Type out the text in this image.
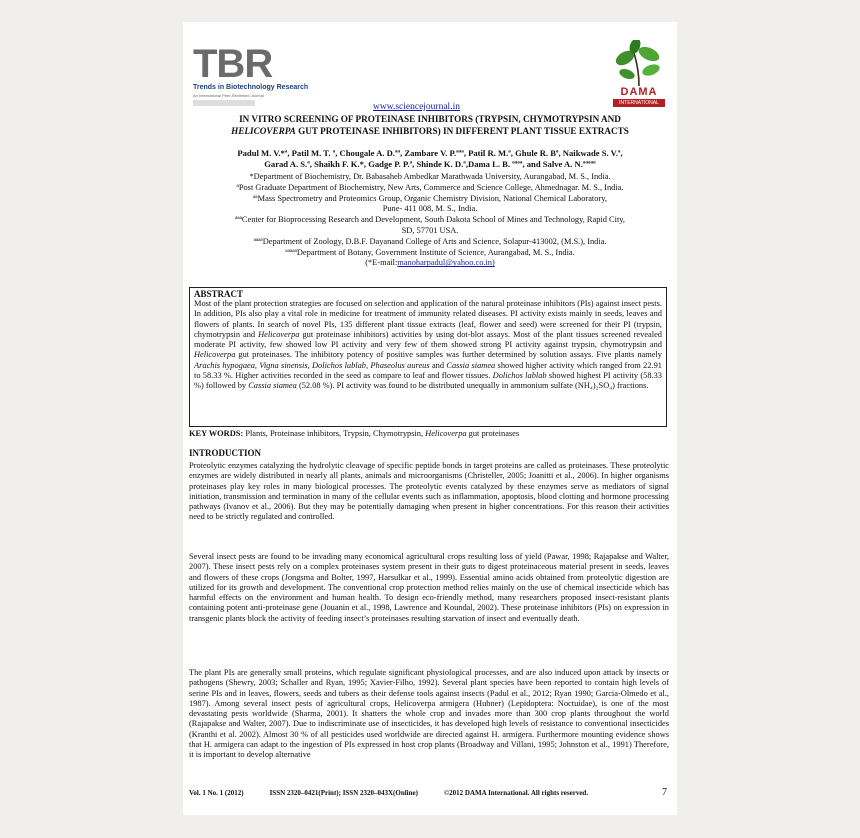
TBR
Trends in Biotechnology Research
An International Peer-Reviewed Journal	DAMA
INTERNATIONAL
www.sciencejournal.in
IN VITRO SCREENING OF PROTEINASE INHIBITORS (TRYPSIN, CHYMOTRYPSIN AND
HELICOVERPA GUT PROTEINASE INHIBITORS) IN DIFFERENT PLANT TISSUE EXTRACTS
Padul M. V.*ª, Patil M. T. ª, Chougale A. D.ªª, Zambare V. P.ªªª, Patil R. M.ª, Ghule R. Bª, Naikwade S. V.ª,
Garad A. S.ª, Shaikh F. K.*, Gadge P. P.ª, Shinde K. D.ª,Dama L. B. ªªªª, and Salve A. N.ªªªªª
*Department of Biochemistry, Dr. Babasaheb Ambedkar Marathwada University, Aurangabad, M. S., India.
ªPost Graduate Department of Biochemistry, New Arts, Commerce and Science College, Ahmednagar. M. S., India.
ªªMass Spectrometry and Proteomics Group, Organic Chemistry Division, National Chemical Laboratory,
Pune- 411 008, M. S., India.
ªªªCenter for Bioprocessing Research and Development, South Dakota School of Mines and Technology, Rapid City,
SD, 57701 USA.
ªªªªDepartment of Zoology, D.B.F. Dayanand College of Arts and Science, Solapur-413002, (M.S.), India.
ªªªªªDepartment of Botany, Government Institute of Science, Aurangabad, M. S., India.
(*E-mail:manoharpadul@yahoo.co.in)
ABSTRACT
Most of the plant protection strategies are focused on selection and application of the natural proteinase inhibitors (PIs) against insect pests. In addition, PIs also play a vital role in medicine for treatment of immunity related diseases. PI activity exists mainly in seeds, leaves and flowers of plants. In search of novel PIs, 135 different plant tissue extracts (leaf, flower and seed) were screened for their PI (trypsin, chymotrypsin and Helicoverpa gut proteinase inhibitors) activities by using dot-blot assays. Most of the plant tissues screened revealed moderate PI activity, few showed low PI activity and very few of them showed strong PI activity against trypsin, chymotrypsin and Helicoverpa gut proteinases. The inhibitory potency of positive samples was further determined by solution assays. Five plants namely Arachis hypogaea, Vigna sinensis, Dolichos lablab, Phaseolus aureus and Cassia siamea showed higher activity which ranged from 22.91 to 58.33 %. Higher activities recorded in the seed as compare to leaf and flower tissues. Dolichos lablab showed highest PI activity (58.33 %) followed by Cassia siamea (52.08 %). PI activity was found to be distributed unequally in ammonium sulfate (NH₄)₂SO₄) fractions.
KEY WORDS: Plants, Proteinase inhibitors, Trypsin, Chymotrypsin, Helicoverpa gut proteinases
INTRODUCTION
Proteolytic enzymes catalyzing the hydrolytic cleavage of specific peptide bonds in target proteins are called as proteinases. These proteolytic enzymes are widely distributed in nearly all plants, animals and microorganisms (Christeller, 2005; Joanitti et al., 2006). In higher organisms proteinases play key roles in many biological processes. The proteolytic events catalyzed by these enzymes serve as mediators of signal initiation, transmission and termination in many of the cellular events such as inflammation, apoptosis, blood clotting and hormone processing pathways (Ivanov et al., 2006). But they may be potentially damaging when present in higher concentrations. For this reason their activities need to be strictly regulated and controlled.
Several insect pests are found to be invading many economical agricultural crops resulting loss of yield (Pawar, 1998; Rajapakse and Walter, 2007). These insect pests rely on a complex proteinases system present in their guts to digest proteinaceous material present in seeds, leaves and flowers of these crops (Jongsma and Bolter, 1997, Harsulkar et al., 1999). Essential amino acids obtained from proteolytic digestion are utilized for its growth and development. The conventional crop protection method relies mainly on the use of chemical insecticide which has harmful effects on the environment and human health. To design eco-friendly method, many researchers proposed insect-resistant plants containing potent anti-proteinase gene (Jouanin et al., 1998, Lawrence and Koundal, 2002). These proteinase inhibitors (PIs) on expression in transgenic plants block the activity of feeding insect’s proteinases resulting starvation of insect and eventually death.
The plant PIs are generally small proteins, which regulate significant physiological processes, and are also induced upon attack by insects or pathogens (Shewry, 2003; Schaller and Ryan, 1995; Xavier-Filho, 1992). Several plant species have been reported to contain high levels of serine PIs and in leaves, flowers, seeds and tubers as their defense tools against insects (Padul et al., 2012; Ryan 1990; Garcia-Olmedo et al., 1987). Among several insect pests of agricultural crops, Helicoverpa armigera (Hubner) (Lepidoptera: Noctuidae), is one of the most devastating pests worldwide (Sharma, 2001). It shatters the whole crop and invades more than 300 crop plants throughout the world (Rajapakse and Walter, 2007). Due to indiscriminate use of insecticides, it has developed high levels of resistance to conventional insecticides (Kranthi et al. 2002). Almost 30 % of all pesticides used worldwide are directed against H. armigera. Furthermore mounting evidence shows that H. armigera can adapt to the ingestion of PIs expressed in host crop plants (Broadway and Villani, 1995; Johnston et al., 1991) Therefore, it is important to develop alternative
Vol. 1 No. 1 (2012)	ISSN 2320–0421(Print); ISSN 2320–043X(Online)	©2012 DAMA International. All rights reserved.	7
